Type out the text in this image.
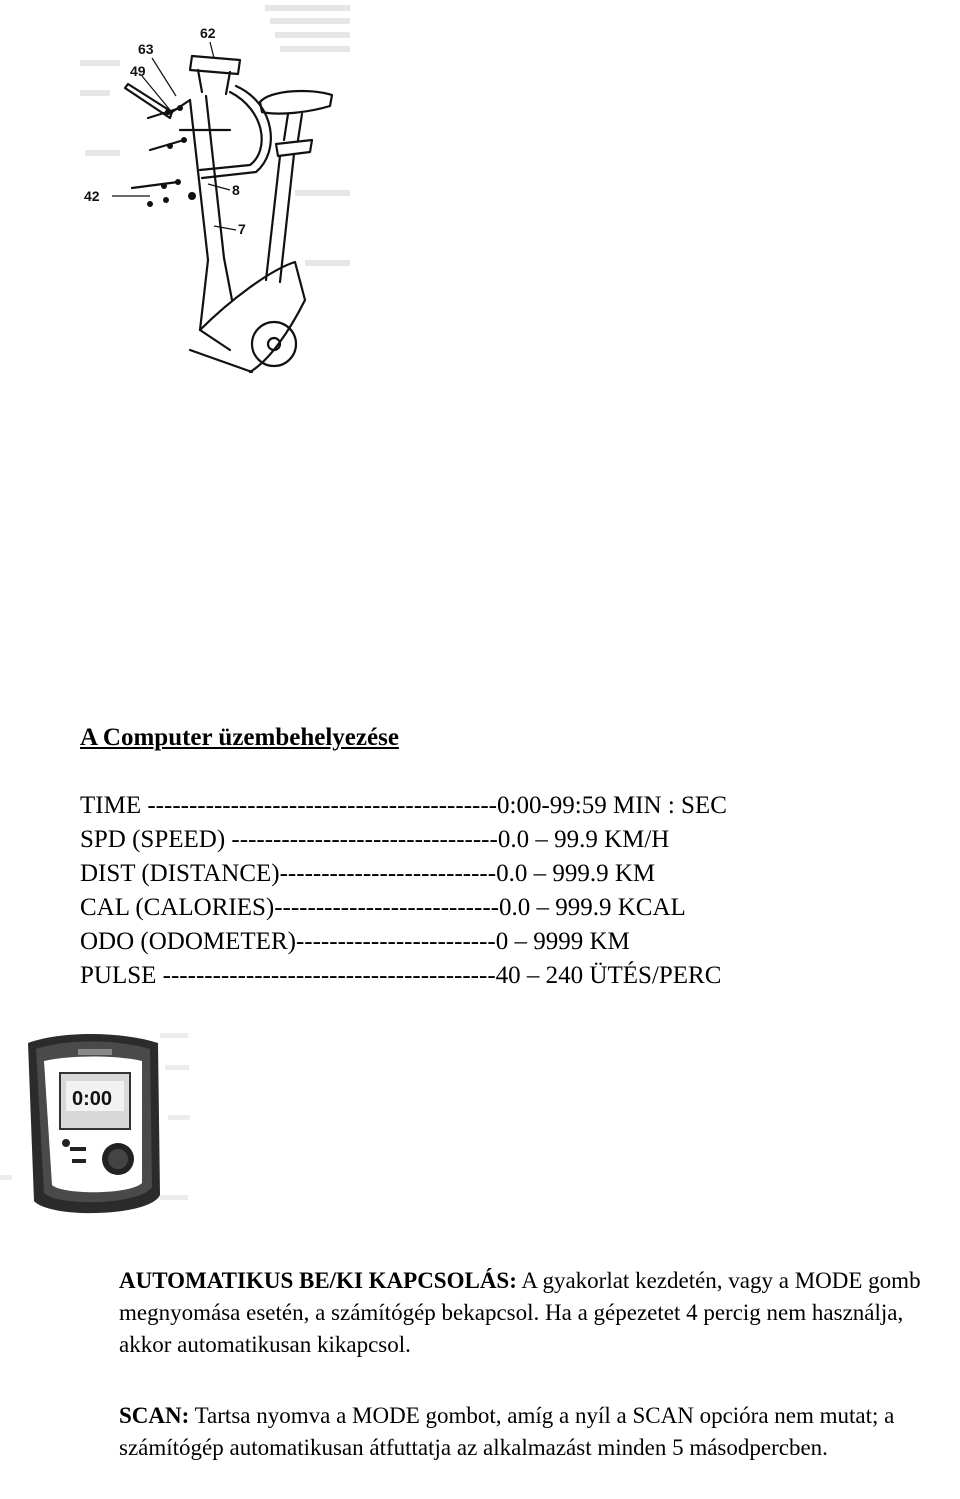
62
63
49
42	8
7
A Computer üzembehelyezése
TIME ------------------------------------------0:00-99:59 MIN : SEC
SPD (SPEED) --------------------------------0.0 – 99.9 KM/H
DIST (DISTANCE)--------------------------0.0 – 999.9 KM
CAL (CALORIES)---------------------------0.0 – 999.9 KCAL
ODO (ODOMETER)------------------------0 – 9999 KM
PULSE ----------------------------------------40 – 240 ÜTÉS/PERC
0:00

AUTOMATIKUS BE/KI KAPCSOLÁS: A gyakorlat kezdetén, vagy a MODE gomb megnyomása esetén, a számítógép bekapcsol. Ha a gépezetet 4 percig nem használja, akkor automatikusan kikapcsol.

SCAN: Tartsa nyomva a MODE gombot, amíg a nyíl a SCAN opcióra nem mutat; a számítógép automatikusan átfuttatja az alkalmazást minden 5 másodpercben.
